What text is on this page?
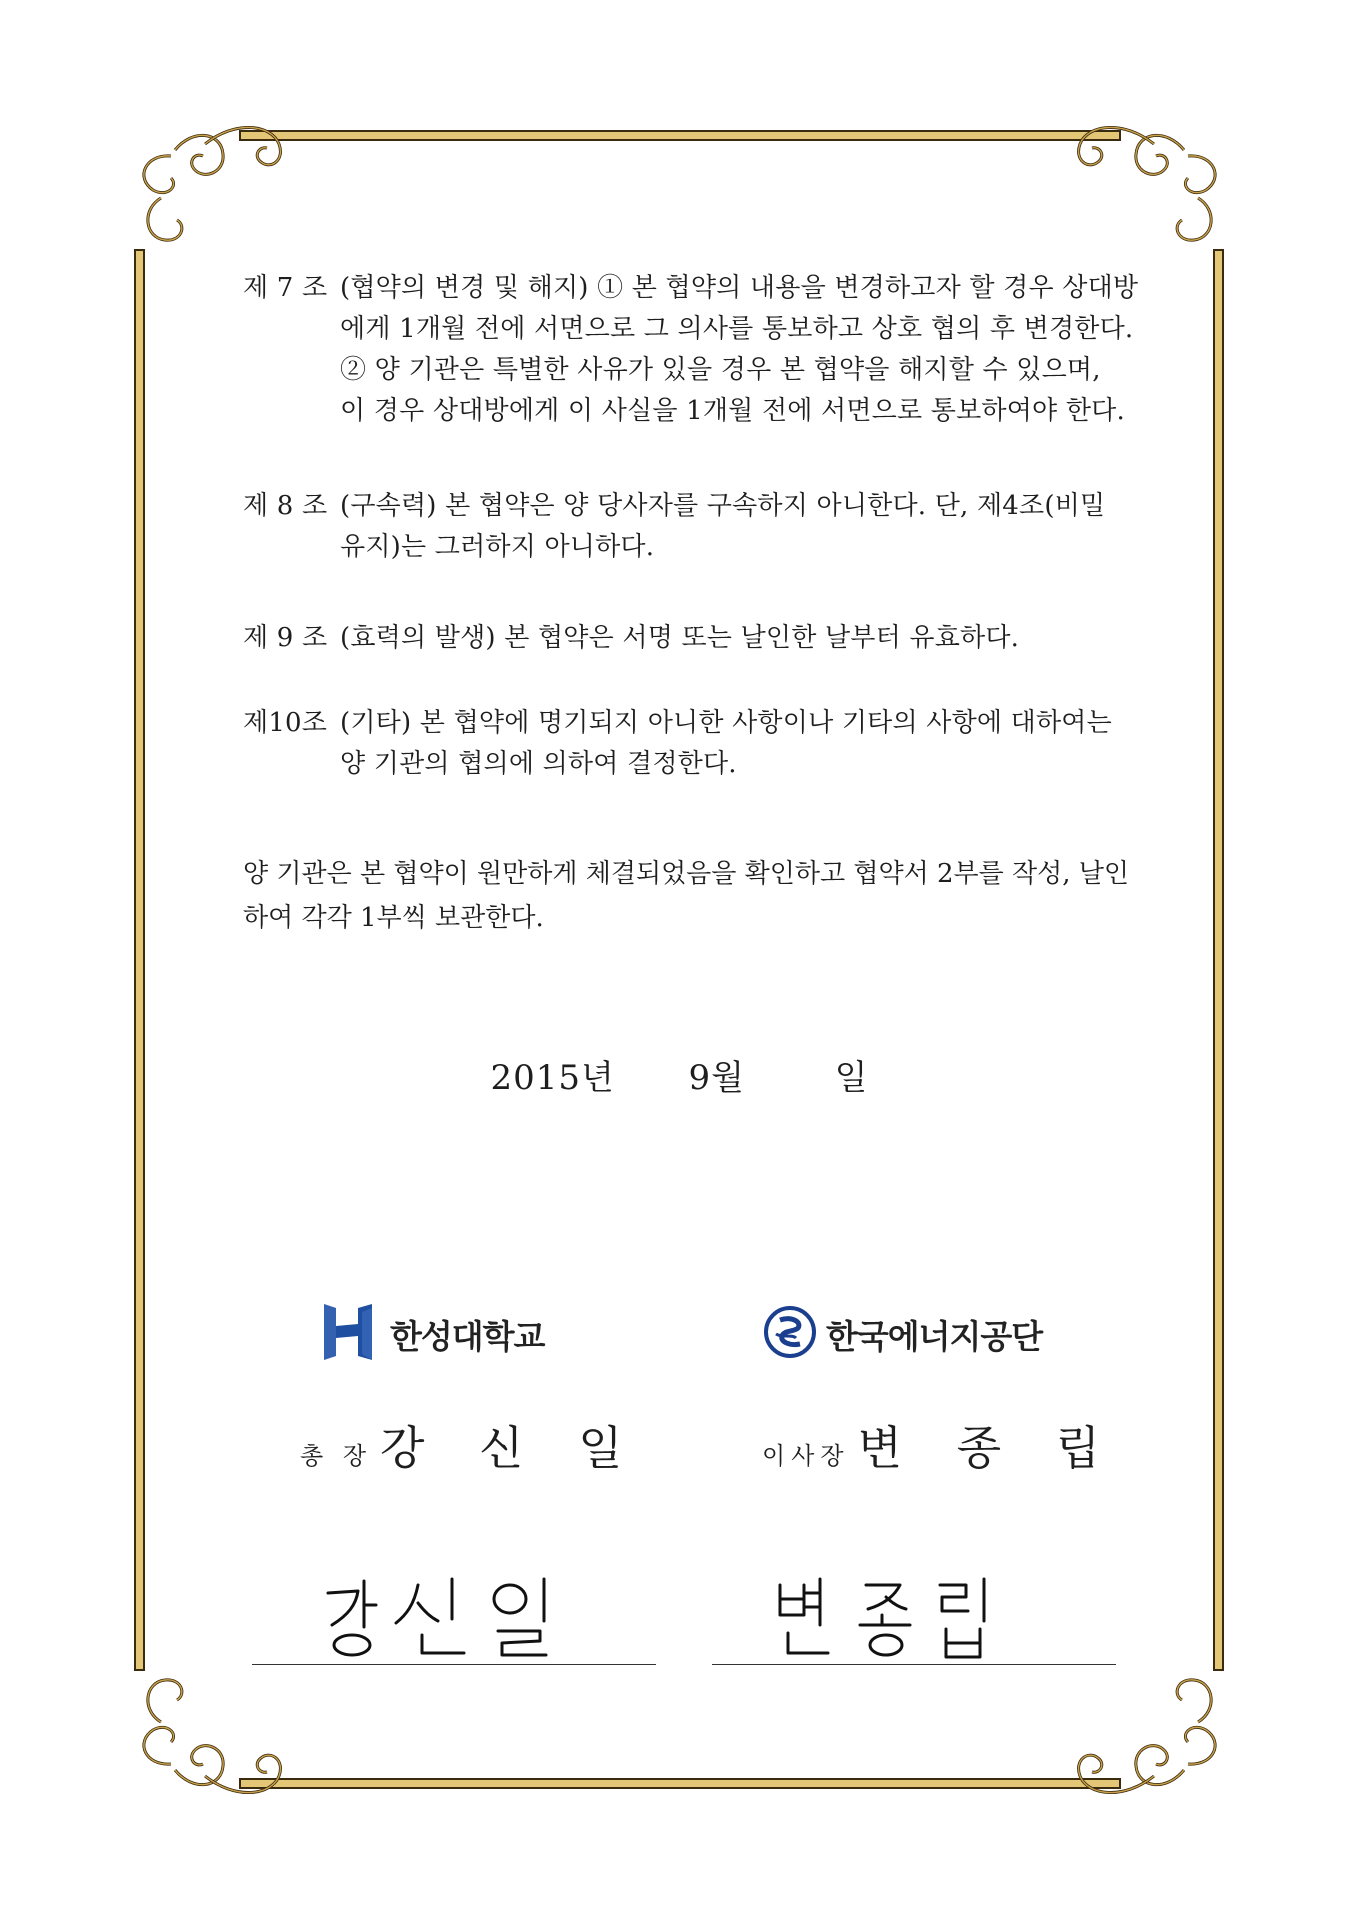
제 7 조 (협약의 변경 및 해지) ① 본 협약의 내용을 변경하고자 할 경우 상대방
에게 1개월 전에 서면으로 그 의사를 통보하고 상호 협의 후 변경한다.
② 양 기관은 특별한 사유가 있을 경우 본 협약을 해지할 수 있으며,
이 경우 상대방에게 이 사실을 1개월 전에 서면으로 통보하여야 한다.
제 8 조 (구속력) 본 협약은 양 당사자를 구속하지 아니한다. 단, 제4조(비밀
유지)는 그러하지 아니하다.
제 9 조 (효력의 발생) 본 협약은 서명 또는 날인한 날부터 유효하다.
제10조 (기타) 본 협약에 명기되지 아니한 사항이나 기타의 사항에 대하여는
양 기관의 협의에 의하여 결정한다.
양 기관은 본 협약이 원만하게 체결되었음을 확인하고 협약서 2부를 작성, 날인
하여 각각 1부씩 보관한다.
2015년 9월	일
한성대학교	한국에너지공단
총 장 강 신 일	이사장 변 종 립
